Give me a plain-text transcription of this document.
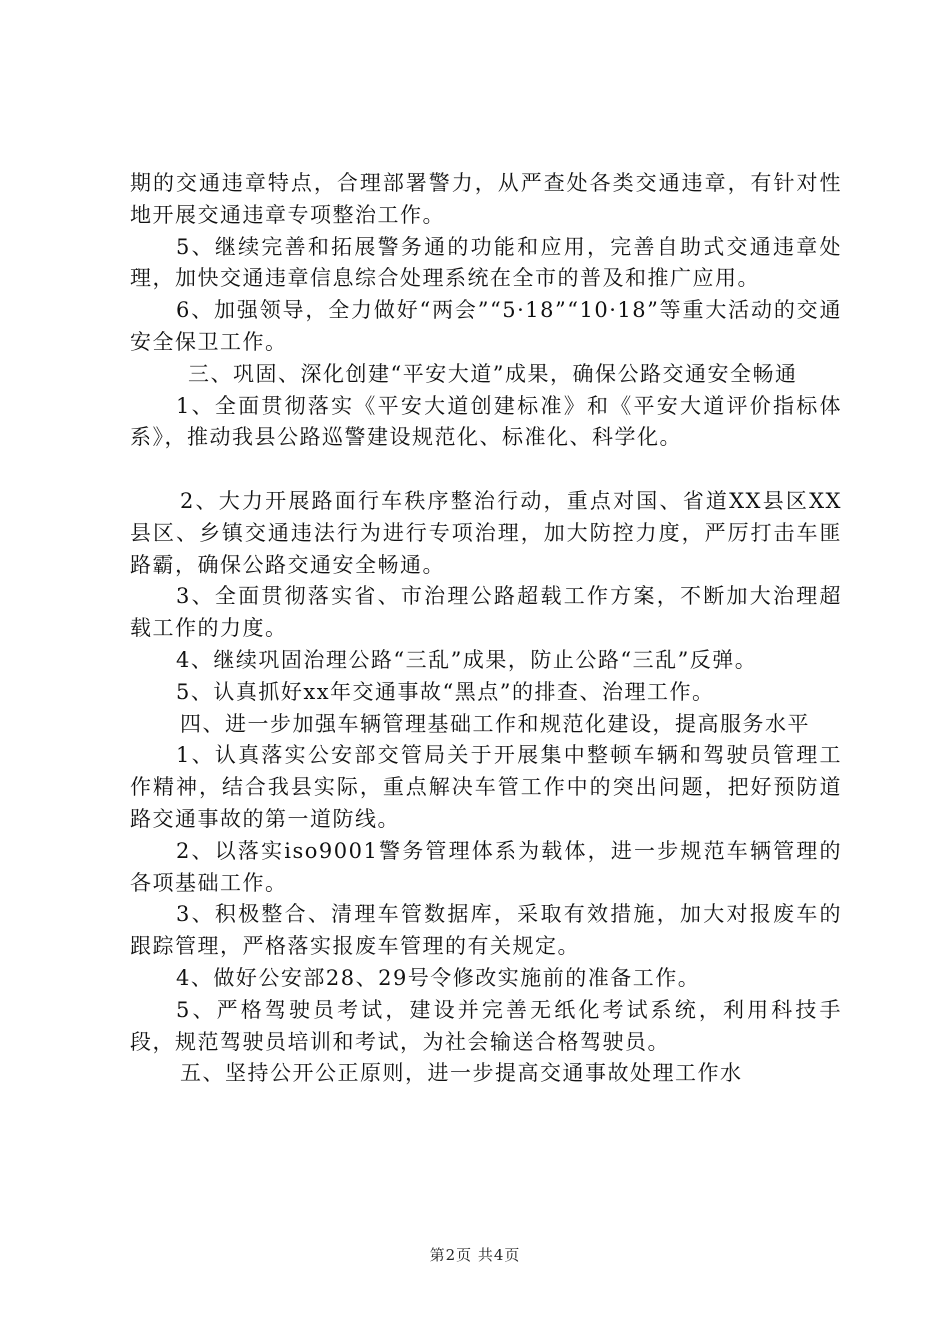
期的交通违章特点，合理部署警力，从严查处各类交通违章，有针对性地开展交通违章专项整治工作。

5、继续完善和拓展警务通的功能和应用，完善自助式交通违章处理，加快交通违章信息综合处理系统在全市的普及和推广应用。

6、加强领导，全力做好“两会”“5·18”“10·18”等重大活动的交通安全保卫工作。

三、巩固、深化创建“平安大道”成果，确保公路交通安全畅通

1、全面贯彻落实《平安大道创建标准》和《平安大道评价指标体系》，推动我县公路巡警建设规范化、标准化、科学化。

2、大力开展路面行车秩序整治行动，重点对国、省道XX县区XX县区、乡镇交通违法行为进行专项治理，加大防控力度，严厉打击车匪路霸，确保公路交通安全畅通。

3、全面贯彻落实省、市治理公路超载工作方案，不断加大治理超载工作的力度。

4、继续巩固治理公路“三乱”成果，防止公路“三乱”反弹。

5、认真抓好xx年交通事故“黑点”的排查、治理工作。

四、进一步加强车辆管理基础工作和规范化建设，提高服务水平

1、认真落实公安部交管局关于开展集中整顿车辆和驾驶员管理工作精神，结合我县实际，重点解决车管工作中的突出问题，把好预防道路交通事故的第一道防线。

2、以落实iso9001警务管理体系为载体，进一步规范车辆管理的各项基础工作。

3、积极整合、清理车管数据库，采取有效措施，加大对报废车的跟踪管理，严格落实报废车管理的有关规定。

4、做好公安部28、29号令修改实施前的准备工作。

5、严格驾驶员考试，建设并完善无纸化考试系统，利用科技手段，规范驾驶员培训和考试，为社会输送合格驾驶员。

五、坚持公开公正原则，进一步提高交通事故处理工作水

第2页 共4页
